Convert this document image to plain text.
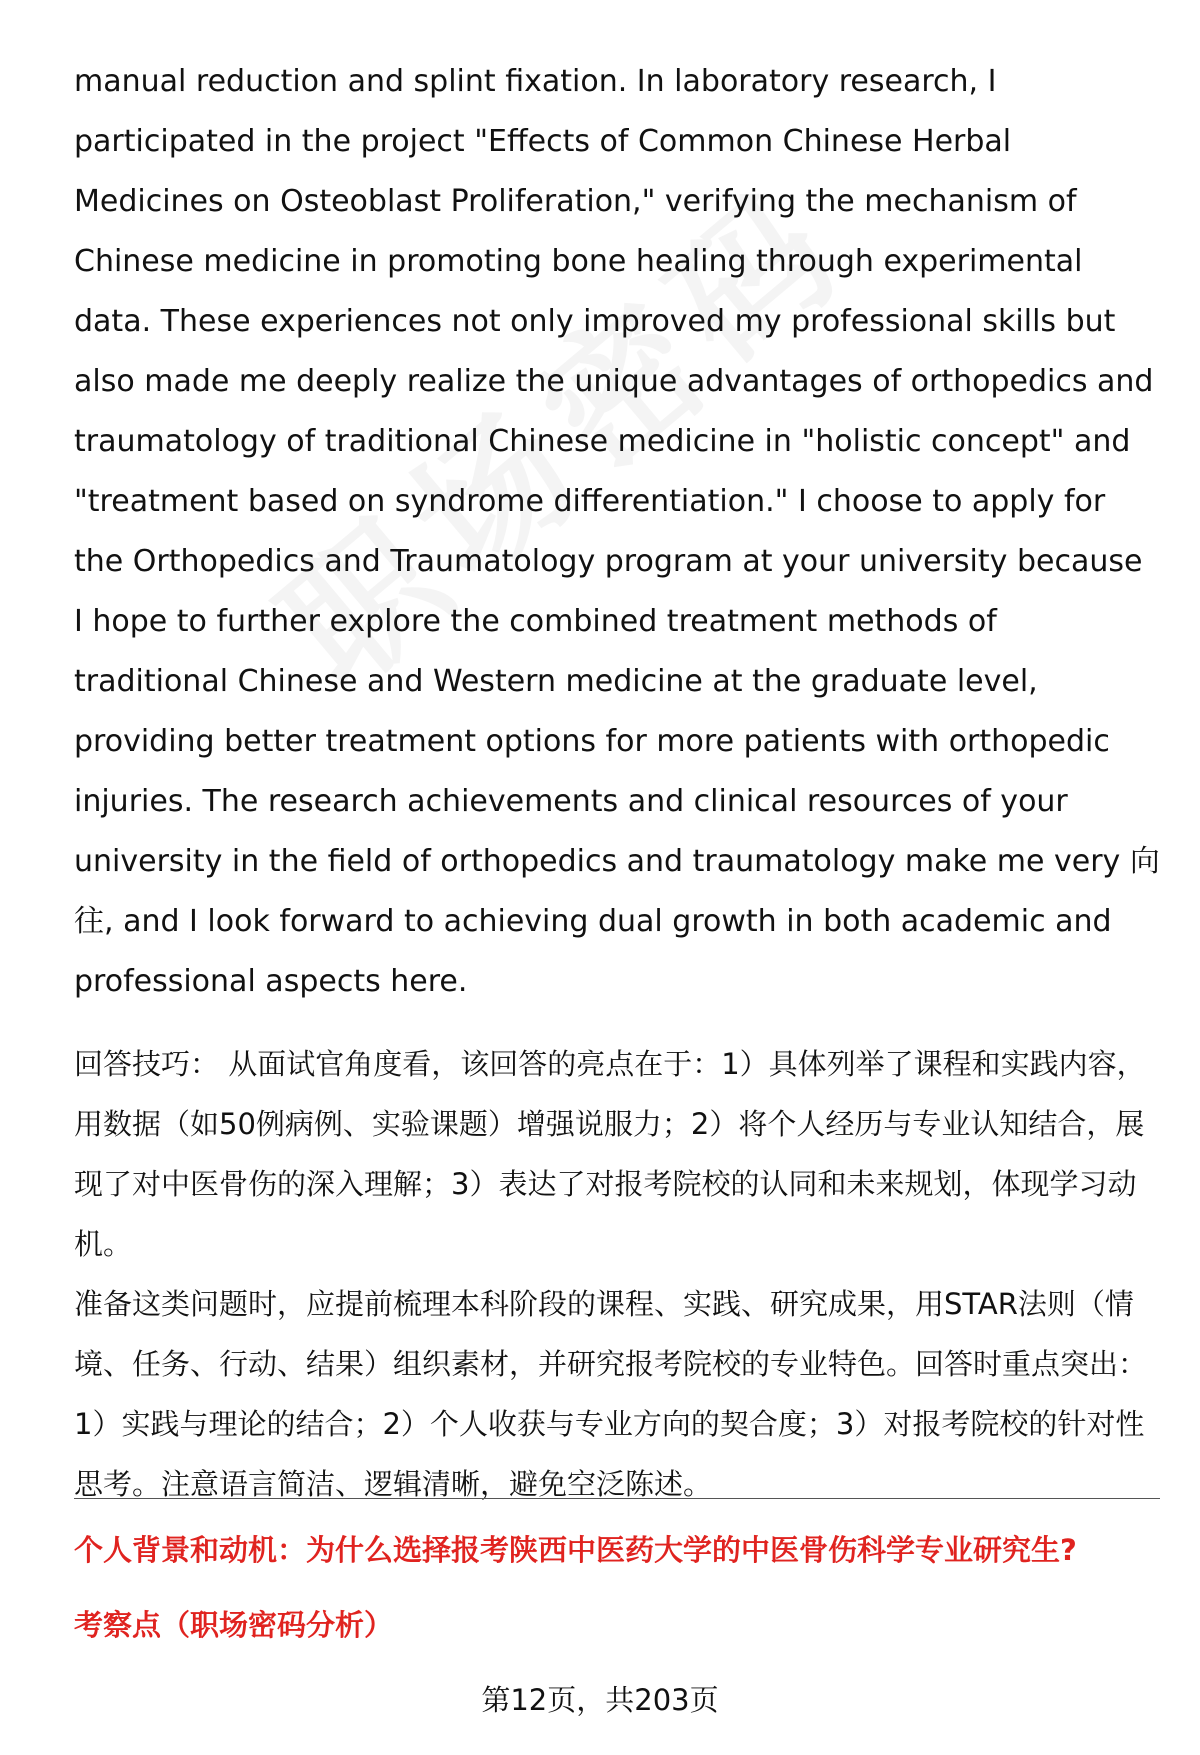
manual reduction and splint fixation. In laboratory research, I participated in the project "Effects of Common Chinese Herbal Medicines on Osteoblast Proliferation," verifying the mechanism of Chinese medicine in promoting bone healing through experimental data. These experiences not only improved my professional skills but also made me deeply realize the unique advantages of orthopedics and traumatology of traditional Chinese medicine in "holistic concept" and "treatment based on syndrome differentiation." I choose to apply for the Orthopedics and Traumatology program at your university because I hope to further explore the combined treatment methods of traditional Chinese and Western medicine at the graduate level, providing better treatment options for more patients with orthopedic injuries. The research achievements and clinical resources of your university in the field of orthopedics and traumatology make me very 向往, and I look forward to achieving dual growth in both academic and professional aspects here.

回答技巧： 从面试官角度看，该回答的亮点在于：1）具体列举了课程和实践内容，用数据（如50例病例、实验课题）增强说服力；2）将个人经历与专业认知结合，展现了对中医骨伤的深入理解；3）表达了对报考院校的认同和未来规划，体现学习动机。

准备这类问题时，应提前梳理本科阶段的课程、实践、研究成果，用STAR法则（情境、任务、行动、结果）组织素材，并研究报考院校的专业特色。回答时重点突出：1）实践与理论的结合；2）个人收获与专业方向的契合度；3）对报考院校的针对性思考。注意语言简洁、逻辑清晰，避免空泛陈述。

个人背景和动机：为什么选择报考陕西中医药大学的中医骨伤科学专业研究生?

考察点（职场密码分析）

第12页，共203页
